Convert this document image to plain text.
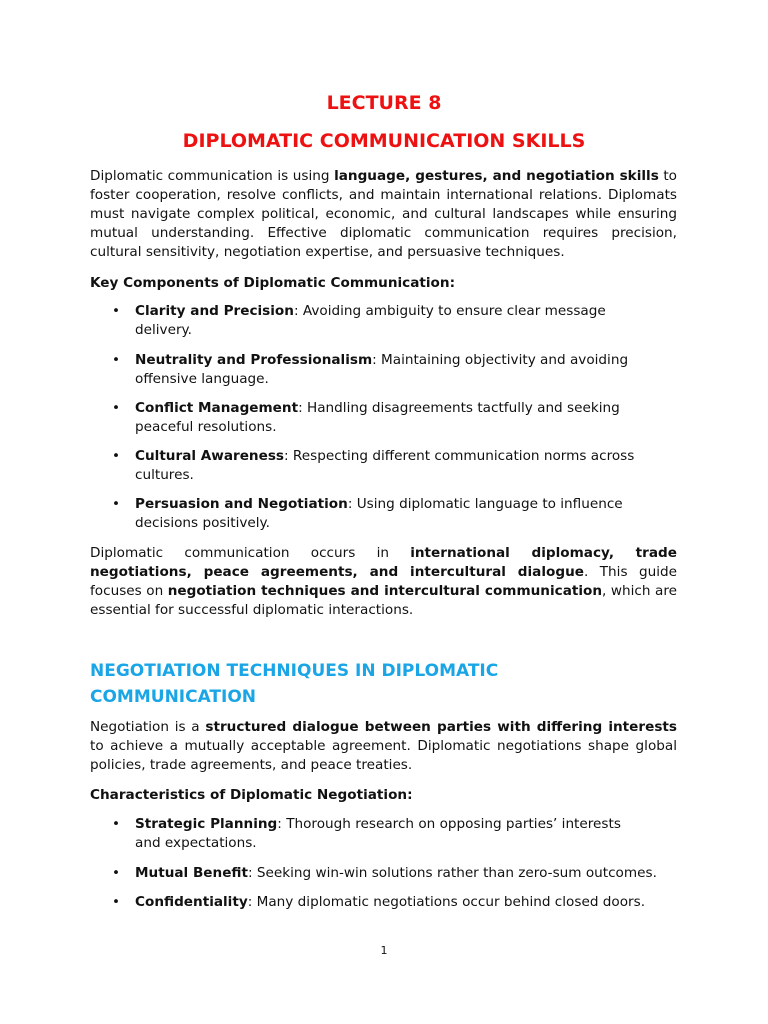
LECTURE 8
DIPLOMATIC COMMUNICATION SKILLS

Diplomatic communication is using language, gestures, and negotiation skills to foster cooperation, resolve conflicts, and maintain international relations. Diplomats must navigate complex political, economic, and cultural landscapes while ensuring mutual understanding. Effective diplomatic communication requires precision, cultural sensitivity, negotiation expertise, and persuasive techniques.

Key Components of Diplomatic Communication:

• Clarity and Precision: Avoiding ambiguity to ensure clear message delivery.
• Neutrality and Professionalism: Maintaining objectivity and avoiding offensive language.
• Conflict Management: Handling disagreements tactfully and seeking peaceful resolutions.
• Cultural Awareness: Respecting different communication norms across cultures.
• Persuasion and Negotiation: Using diplomatic language to influence decisions positively.

Diplomatic communication occurs in international diplomacy, trade negotiations, peace agreements, and intercultural dialogue. This guide focuses on negotiation techniques and intercultural communication, which are essential for successful diplomatic interactions.

NEGOTIATION TECHNIQUES IN DIPLOMATIC COMMUNICATION

Negotiation is a structured dialogue between parties with differing interests to achieve a mutually acceptable agreement. Diplomatic negotiations shape global policies, trade agreements, and peace treaties.

Characteristics of Diplomatic Negotiation:

• Strategic Planning: Thorough research on opposing parties’ interests and expectations.
• Mutual Benefit: Seeking win-win solutions rather than zero-sum outcomes.
• Confidentiality: Many diplomatic negotiations occur behind closed doors.
1
